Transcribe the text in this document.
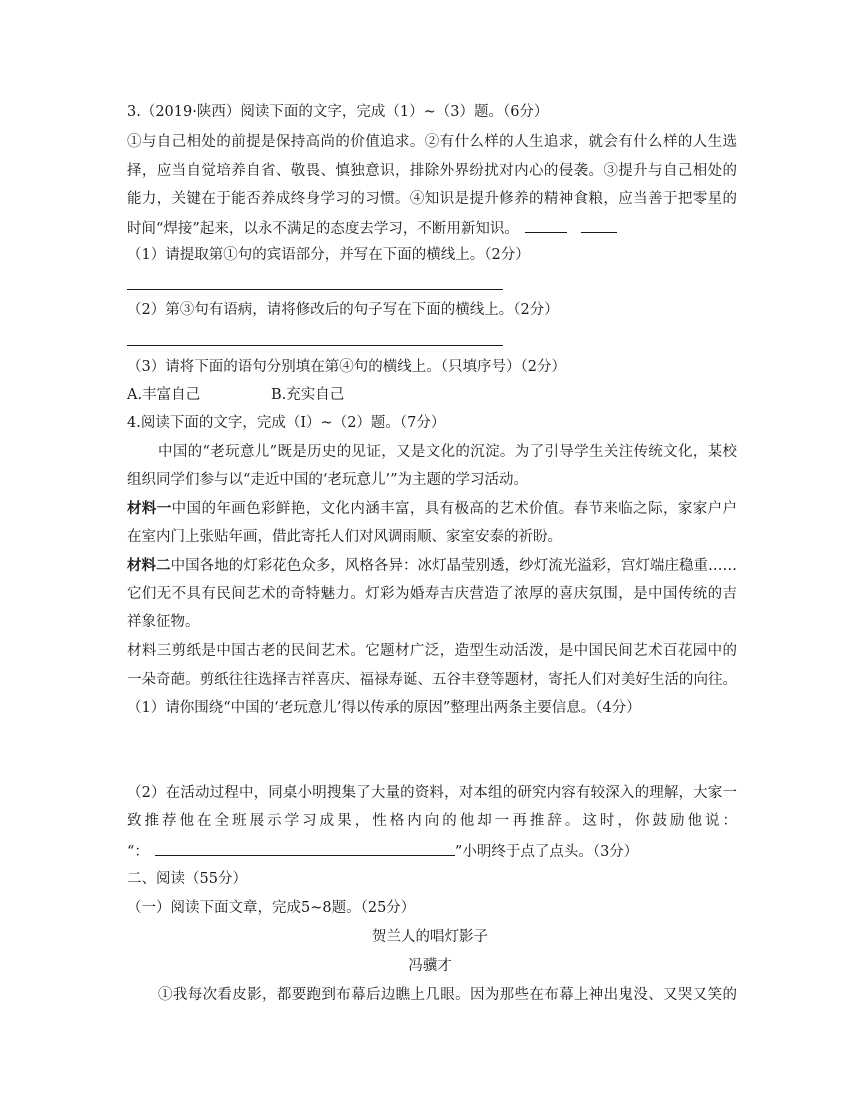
3.（2019·陕西）阅读下面的文字，完成（1）~（3）题。（6分）
①与自己相处的前提是保持高尚的价值追求。②有什么样的人生追求，就会有什么样的人生选
择，应当自觉培养自省、敬畏、慎独意识，排除外界纷扰对内心的侵袭。③提升与自己相处的
能力，关键在于能否养成终身学习的习惯。④知识是提升修养的精神食粮，应当善于把零星的
时间“焊接”起来，以永不满足的态度去学习，不断用新知识。
（1）请提取第①句的宾语部分，并写在下面的横线上。（2分）
（2）第③句有语病，请将修改后的句子写在下面的横线上。（2分）
（3）请将下面的语句分别填在第④句的横线上。（只填序号）（2分）
A.丰富自己	B.充实自己
4.阅读下面的文字，完成（I）~（2）题。（7分）
中国的“老玩意儿”既是历史的见证，又是文化的沉淀。为了引导学生关注传统文化，某校
组织同学们参与以“走近中国的‘老玩意儿’”为主题的学习活动。
材料一中国的年画色彩鲜艳，文化内涵丰富，具有极高的艺术价值。春节来临之际，家家户户
在室内门上张贴年画，借此寄托人们对风调雨顺、家室安泰的祈盼。
材料二中国各地的灯彩花色众多，风格各异：冰灯晶莹别透，纱灯流光溢彩，宫灯端庄稳重……
它们无不具有民间艺术的奇特魅力。灯彩为婚寿吉庆营造了浓厚的喜庆氛围，是中国传统的吉
祥象征物。
材料三剪纸是中国古老的民间艺术。它题材广泛，造型生动活泼，是中国民间艺术百花园中的
一朵奇葩。剪纸往往选择吉祥喜庆、福禄寿诞、五谷丰登等题材，寄托人们对美好生活的向往。
（1）请你围绕“中国的‘老玩意儿’得以传承的原因”整理出两条主要信息。（4分）
（2）在活动过程中，同桌小明搜集了大量的资料，对本组的研究内容有较深入的理解，大家一
致推荐他在全班展示学习成果，性格内向的他却一再推辞。这时，你鼓励他说：
“：	”小明终于点了点头。（3分）
二、阅读（55分）
（一）阅读下面文章，完成5~8题。（25分）
贺兰人的唱灯影子
冯骥才
①我每次看皮影，都要跑到布幕后边瞧上几眼。因为那些在布幕上神出鬼没、又哭又笑的
